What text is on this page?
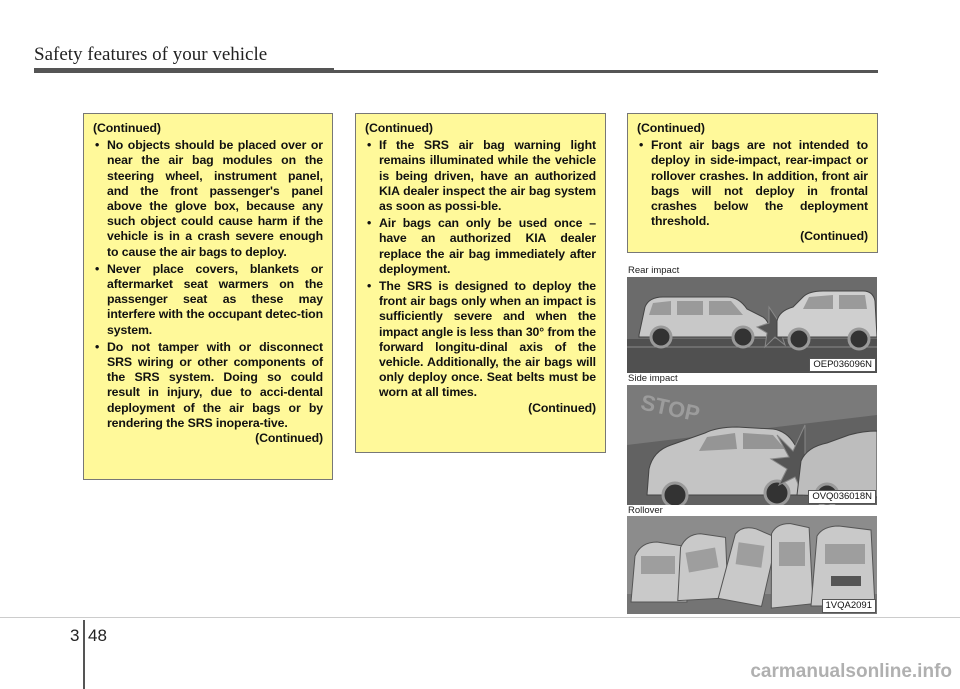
Safety features of your vehicle
(Continued)
• No objects should be placed over or near the air bag modules on the steering wheel, instrument panel, and the front passenger's panel above the glove box, because any such object could cause harm if the vehicle is in a crash severe enough to cause the air bags to deploy.
• Never place covers, blankets or aftermarket seat warmers on the passenger seat as these may interfere with the occupant detec-tion system.
• Do not tamper with or disconnect SRS wiring or other components of the SRS system. Doing so could result in injury, due to acci-dental deployment of the air bags or by rendering the SRS inopera-tive.
(Continued)
(Continued)
• If the SRS air bag warning light remains illuminated while the vehicle is being driven, have an authorized KIA dealer inspect the air bag system as soon as possi-ble.
• Air bags can only be used once – have an authorized KIA dealer replace the air bag immediately after deployment.
• The SRS is designed to deploy the front air bags only when an impact is sufficiently severe and when the impact angle is less than 30° from the forward longitu-dinal axis of the vehicle. Additionally, the air bags will only deploy once. Seat belts must be worn at all times.
(Continued)
(Continued)
• Front air bags are not intended to deploy in side-impact, rear-impact or rollover crashes. In addition, front air bags will not deploy in frontal crashes below the deployment threshold.
(Continued)
Rear impact
OEP036096N
Side impact
STOP
OVQ036018N
Rollover
1VQA2091
3 48
carmanualsonline.info
